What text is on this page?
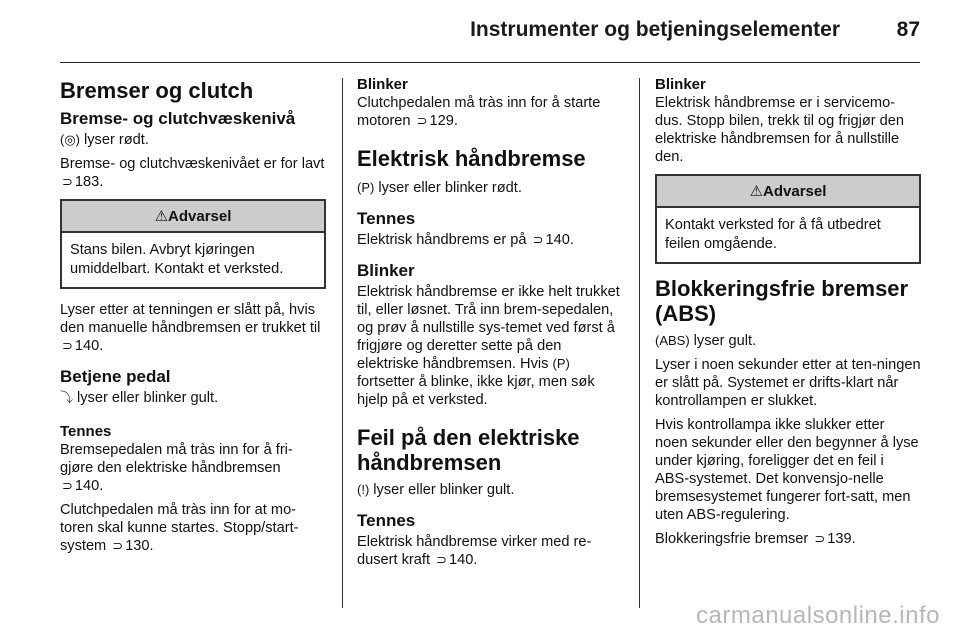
Instrumenter og betjeningselementer	87
Bremser og clutch
Bremse- og clutchvæskenivå
(◎) lyser rødt.
Bremse- og clutchvæskenivået er for lavt ⊃ 183.
⚠Advarsel
Stans bilen. Avbryt kjøringen umiddelbart. Kontakt et verksted.
Lyser etter at tenningen er slått på, hvis den manuelle håndbremsen er trukket til ⊃ 140.
Betjene pedal
⤵ lyser eller blinker gult.
Tennes
Bremsepedalen må tràs inn for å fri-gjøre den elektriske håndbremsen
⊃ 140.
Clutchpedalen må tràs inn for at mo-toren skal kunne startes. Stopp/start-system ⊃ 130.
Blinker
Clutchpedalen må tràs inn for å starte motoren ⊃ 129.
Elektrisk håndbremse
(P) lyser eller blinker rødt.
Tennes
Elektrisk håndbrems er på ⊃ 140.
Blinker
Elektrisk håndbremse er ikke helt trukket til, eller løsnet. Trå inn brem-sepedalen, og prøv å nullstille sys-temet ved først å frigjøre og deretter sette på den elektriske håndbremsen. Hvis (P)fortsetter å blinke, ikke kjør, men søk hjelp på et verksted.
Feil på den elektriske håndbremsen
(!) lyser eller blinker gult.
Tennes
Elektrisk håndbremse virker med re-dusert kraft ⊃ 140.
Blinker
Elektrisk håndbremse er i servicemo-dus. Stopp bilen, trekk til og frigjør den elektriske håndbremsen for å nullstille den.
⚠Advarsel
Kontakt verksted for å få utbedret feilen omgående.
Blokkeringsfrie bremser (ABS)
(ABS) lyser gult.
Lyser i noen sekunder etter at ten-ningen er slått på. Systemet er drifts-klart når kontrollampen er slukket.
Hvis kontrollampa ikke slukker etter noen sekunder eller den begynner å lyse under kjøring, foreligger det en feil i ABS-systemet. Det konvensjo-nelle bremsesystemet fungerer fort-satt, men uten ABS-regulering.
Blokkeringsfrie bremser ⊃ 139.
carmanualsonline.info
